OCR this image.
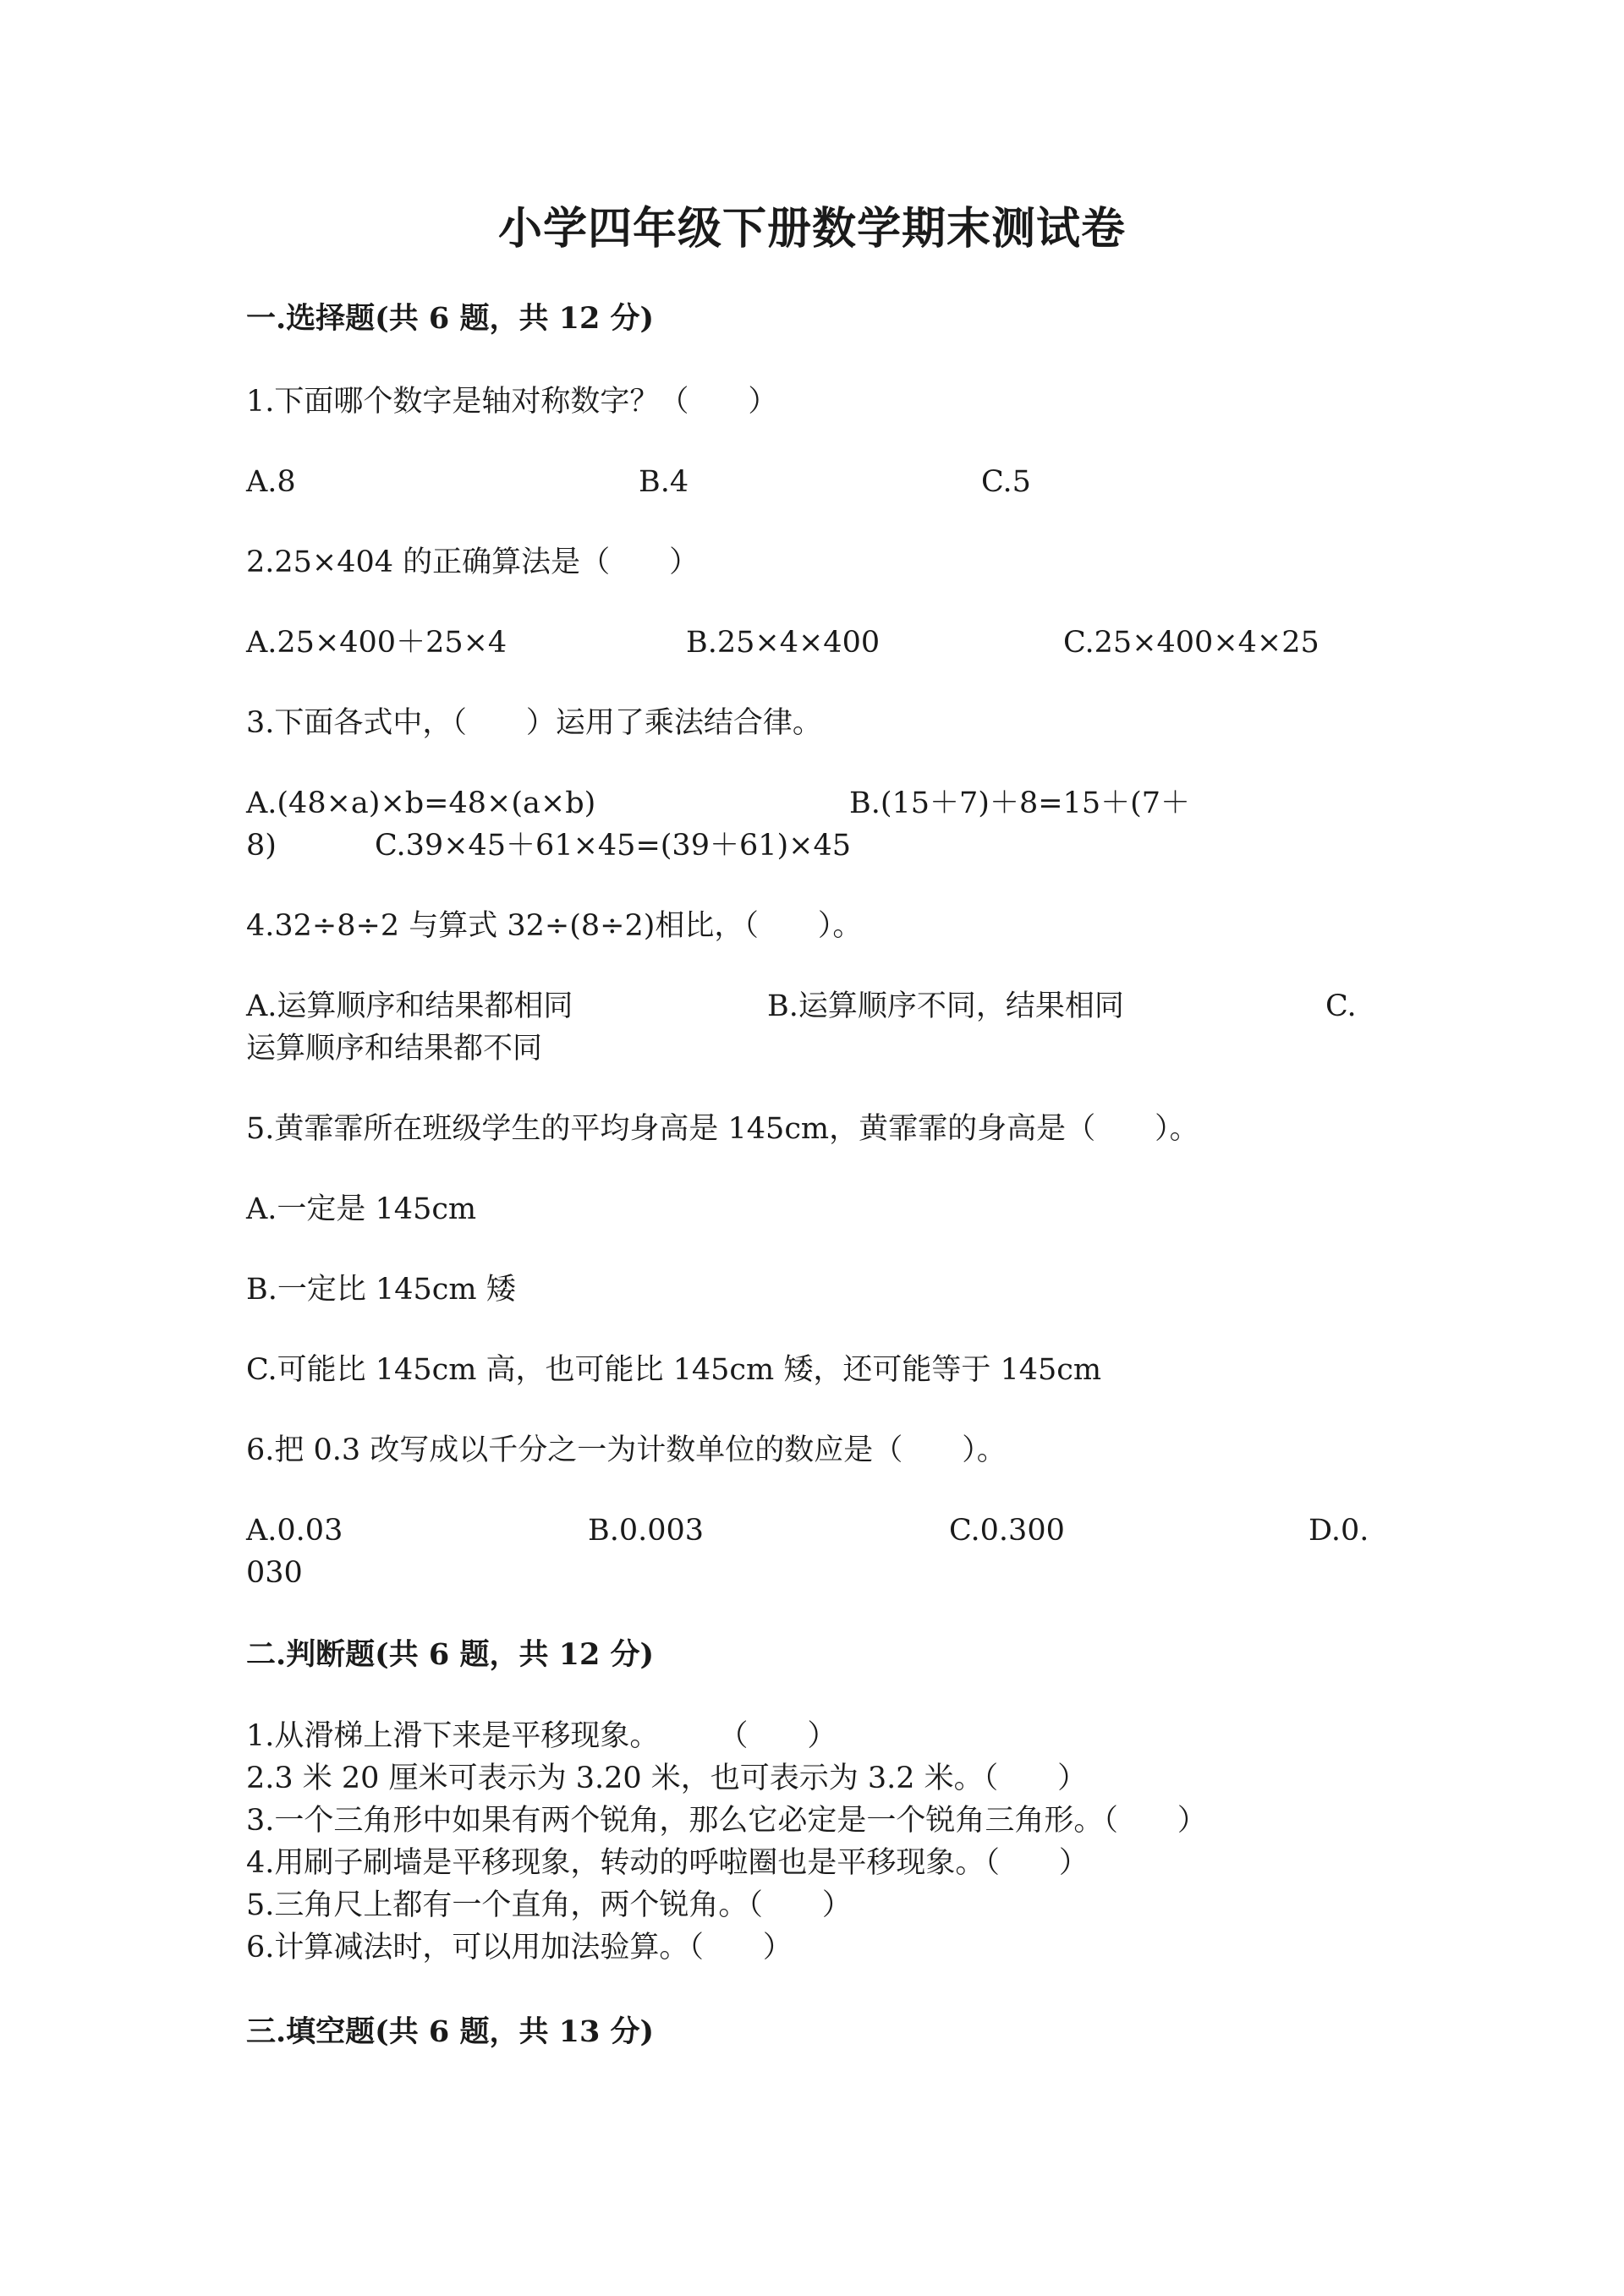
小学四年级下册数学期末测试卷
一.选择题(共 6 题，共 12 分)
1.下面哪个数字是轴对称数字？（　　）
A.8	B.4	C.5
2.25×404 的正确算法是（　　）
A.25×400＋25×4	B.25×4×400	C.25×400×4×25
3.下面各式中，（　　）运用了乘法结合律。
A.(48×a)×b=48×(a×b)	B.(15＋7)＋8=15＋(7＋
8)	C.39×45＋61×45=(39＋61)×45
4.32÷8÷2 与算式 32÷(8÷2)相比，（　　）。
A.运算顺序和结果都相同	B.运算顺序不同，结果相同	C.
运算顺序和结果都不同
5.黄霏霏所在班级学生的平均身高是 145cm，黄霏霏的身高是（　　）。
A.一定是 145cm
B.一定比 145cm 矮
C.可能比 145cm 高，也可能比 145cm 矮，还可能等于 145cm
6.把 0.3 改写成以千分之一为计数单位的数应是（　　）。
A.0.03	B.0.003	C.0.300	D.0.
030
二.判断题(共 6 题，共 12 分)
1.从滑梯上滑下来是平移现象。　　　（　　）
2.3 米 20 厘米可表示为 3.20 米，也可表示为 3.2 米。（　　）
3.一个三角形中如果有两个锐角，那么它必定是一个锐角三角形。（　　）
4.用刷子刷墙是平移现象，转动的呼啦圈也是平移现象。（　　）
5.三角尺上都有一个直角，两个锐角。（　　）
6.计算减法时，可以用加法验算。（　　）
三.填空题(共 6 题，共 13 分)
